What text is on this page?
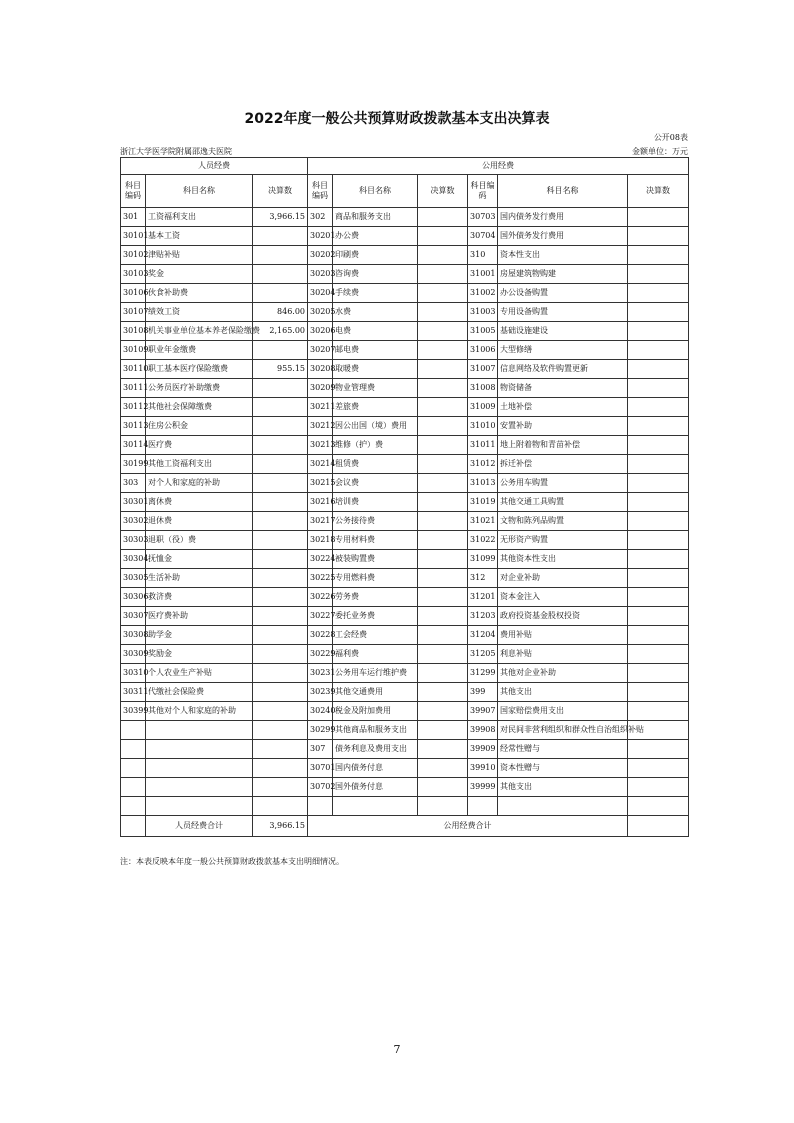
2022年度一般公共预算财政拨款基本支出决算表
公开08表
浙江大学医学院附属邵逸夫医院	金额单位：万元
人员经费			公用经费					
科目编码	科目名称	决算数	科目编码	科目名称	决算数	科目编码	科目名称	决算数
301	工资福利支出	3,966.15	302	商品和服务支出		30703	国内债务发行费用	
30101	基本工资		30201	办公费		30704	国外债务发行费用	
30102	津贴补贴		30202	印刷费		310	资本性支出	
30103	奖金		30203	咨询费		31001	房屋建筑物购建	
30106	伙食补助费		30204	手续费		31002	办公设备购置	
30107	绩效工资	846.00	30205	水费		31003	专用设备购置	
30108	机关事业单位基本养老保险缴费	2,165.00	30206	电费		31005	基础设施建设	
30109	职业年金缴费		30207	邮电费		31006	大型修缮	
30110	职工基本医疗保险缴费	955.15	30208	取暖费		31007	信息网络及软件购置更新	
30111	公务员医疗补助缴费		30209	物业管理费		31008	物资储备	
30112	其他社会保障缴费		30211	差旅费		31009	土地补偿	
30113	住房公积金		30212	因公出国（境）费用		31010	安置补助	
30114	医疗费		30213	维修（护）费		31011	地上附着物和青苗补偿	
30199	其他工资福利支出		30214	租赁费		31012	拆迁补偿	
303	对个人和家庭的补助		30215	会议费		31013	公务用车购置	
30301	离休费		30216	培训费		31019	其他交通工具购置	
30302	退休费		30217	公务接待费		31021	文物和陈列品购置	
30303	退职（役）费		30218	专用材料费		31022	无形资产购置	
30304	抚恤金		30224	被装购置费		31099	其他资本性支出	
30305	生活补助		30225	专用燃料费		312	对企业补助	
30306	救济费		30226	劳务费		31201	资本金注入	
30307	医疗费补助		30227	委托业务费		31203	政府投资基金股权投资	
30308	助学金		30228	工会经费		31204	费用补贴	
30309	奖励金		30229	福利费		31205	利息补贴	
30310	个人农业生产补贴		30231	公务用车运行维护费		31299	其他对企业补助	
30311	代缴社会保险费		30239	其他交通费用		399	其他支出	
30399	其他对个人和家庭的补助		30240	税金及附加费用		39907	国家赔偿费用支出	
			30299	其他商品和服务支出		39908	对民间非营利组织和群众性自治组织补贴	
			307	债务利息及费用支出		39909	经常性赠与	
			30701	国内债务付息		39910	资本性赠与	
			30702	国外债务付息		39999	其他支出	

	人员经费合计	3,966.15	公用经费合计					
注：本表反映本年度一般公共预算财政拨款基本支出明细情况。
7
